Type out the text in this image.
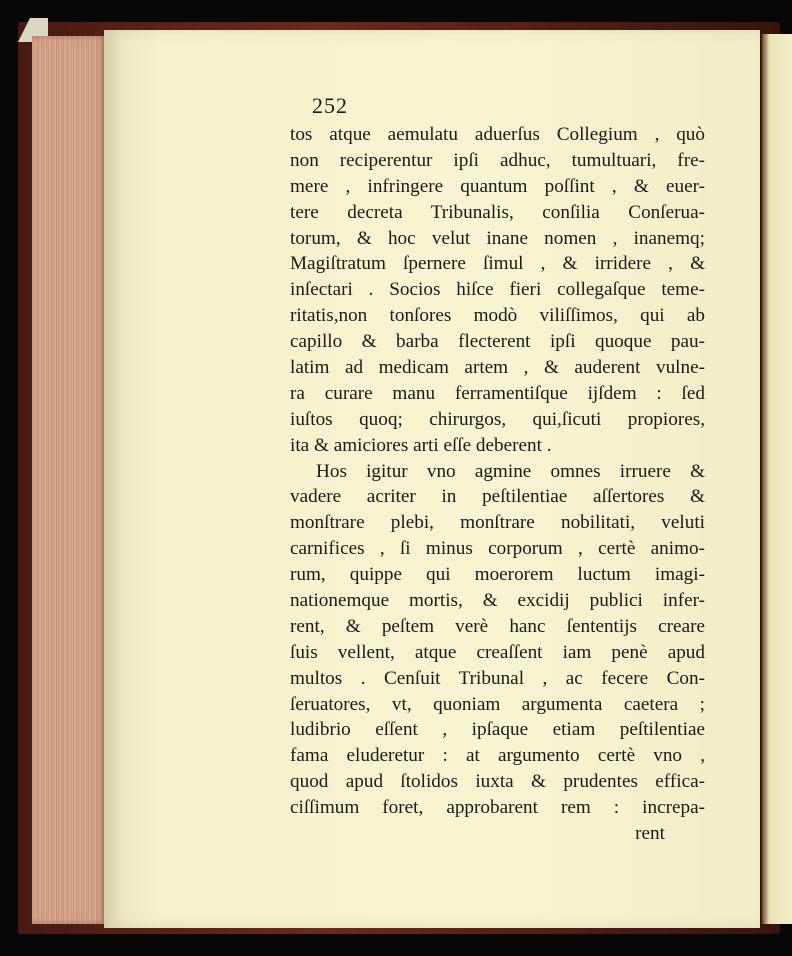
252
tos atque aemulatu aduerſus Collegium , quò
non reciperentur ipſi adhuc, tumultuari, fre-
mere , infringere quantum poſſint , & euer-
tere decreta Tribunalis, conſilia Conſerua-
torum, & hoc velut inane nomen , inanemq;
Magiſtratum ſpernere ſimul , & irridere , &
inſectari . Socios hiſce fieri collegaſque teme-
ritatis,non tonſores modò viliſſimos, qui ab
capillo & barba flecterent ipſi quoque pau-
latim ad medicam artem , & auderent vulne-
ra curare manu ferramentiſque ijſdem : ſed
iuſtos quoq; chirurgos, qui,ſicuti propiores,
ita & amiciores arti eſſe deberent .
Hos igitur vno agmine omnes irruere &
vadere acriter in peſtilentiae aſſertores &
monſtrare plebi, monſtrare nobilitati, veluti
carnifices , ſi minus corporum , certè animo-
rum, quippe qui moerorem luctum imagi-
nationemque mortis, & excidij publici infer-
rent, & peſtem verè hanc ſententijs creare
ſuis vellent, atque creaſſent iam penè apud
multos . Cenſuit Tribunal , ac fecere Con-
ſeruatores, vt, quoniam argumenta caetera ;
ludibrio eſſent , ipſaque etiam peſtilentiae
fama eluderetur : at argumento certè vno ,
quod apud ſtolidos iuxta & prudentes effica-
ciſſimum foret, approbarent rem : increpa-
rent
